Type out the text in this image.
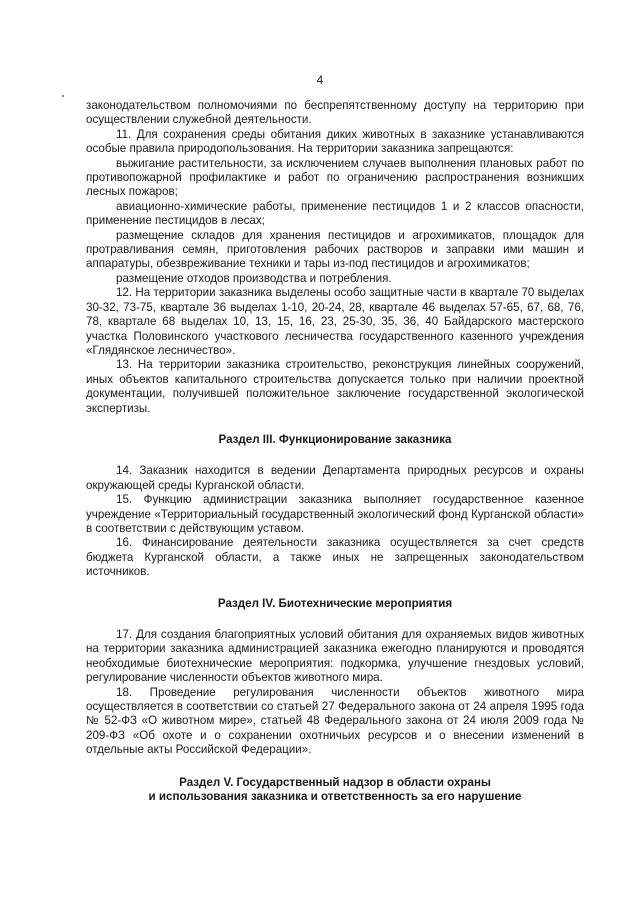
4

законодательством полномочиями по беспрепятственному доступу на территорию при осуществлении служебной деятельности.

11. Для сохранения среды обитания диких животных в заказнике устанавливаются особые правила природопользования. На территории заказника запрещаются:

выжигание растительности, за исключением случаев выполнения плановых работ по противопожарной профилактике и работ по ограничению распространения возникших лесных пожаров;

авиационно-химические работы, применение пестицидов 1 и 2 классов опасности, применение пестицидов в лесах;

размещение складов для хранения пестицидов и агрохимикатов, площадок для протравливания семян, приготовления рабочих растворов и заправки ими машин и аппаратуры, обезвреживание техники и тары из-под пестицидов и агрохимикатов;

размещение отходов производства и потребления.

12. На территории заказника выделены особо защитные части в квартале 70 выделах 30-32, 73-75, квартале 36 выделах 1-10, 20-24, 28, квартале 46 выделах 57-65, 67, 68, 76, 78, квартале 68 выделах 10, 13, 15, 16, 23, 25-30, 35, 36, 40 Байдарского мастерского участка Половинского участкового лесничества государственного казенного учреждения «Глядянское лесничество».

13. На территории заказника строительство, реконструкция линейных сооружений, иных объектов капитального строительства допускается только при наличии проектной документации, получившей положительное заключение государственной экологической экспертизы.

Раздел III. Функционирование заказника

14. Заказник находится в ведении Департамента природных ресурсов и охраны окружающей среды Курганской области.

15. Функцию администрации заказника выполняет государственное казенное учреждение «Территориальный государственный экологический фонд Курганской области» в соответствии с действующим уставом.

16. Финансирование деятельности заказника осуществляется за счет средств бюджета Курганской области, а также иных не запрещенных законодательством источников.

Раздел IV. Биотехнические мероприятия

17. Для создания благоприятных условий обитания для охраняемых видов животных на территории заказника администрацией заказника ежегодно планируются и проводятся необходимые биотехнические мероприятия: подкормка, улучшение гнездовых условий, регулирование численности объектов животного мира.

18. Проведение регулирования численности объектов животного мира осуществляется в соответствии со статьей 27 Федерального закона от 24 апреля 1995 года № 52-ФЗ «О животном мире», статьей 48 Федерального закона от 24 июля 2009 года № 209-ФЗ «Об охоте и о сохранении охотничьих ресурсов и о внесении изменений в отдельные акты Российской Федерации».

Раздел V. Государственный надзор в области охраны
и использования заказника и ответственность за его нарушение
